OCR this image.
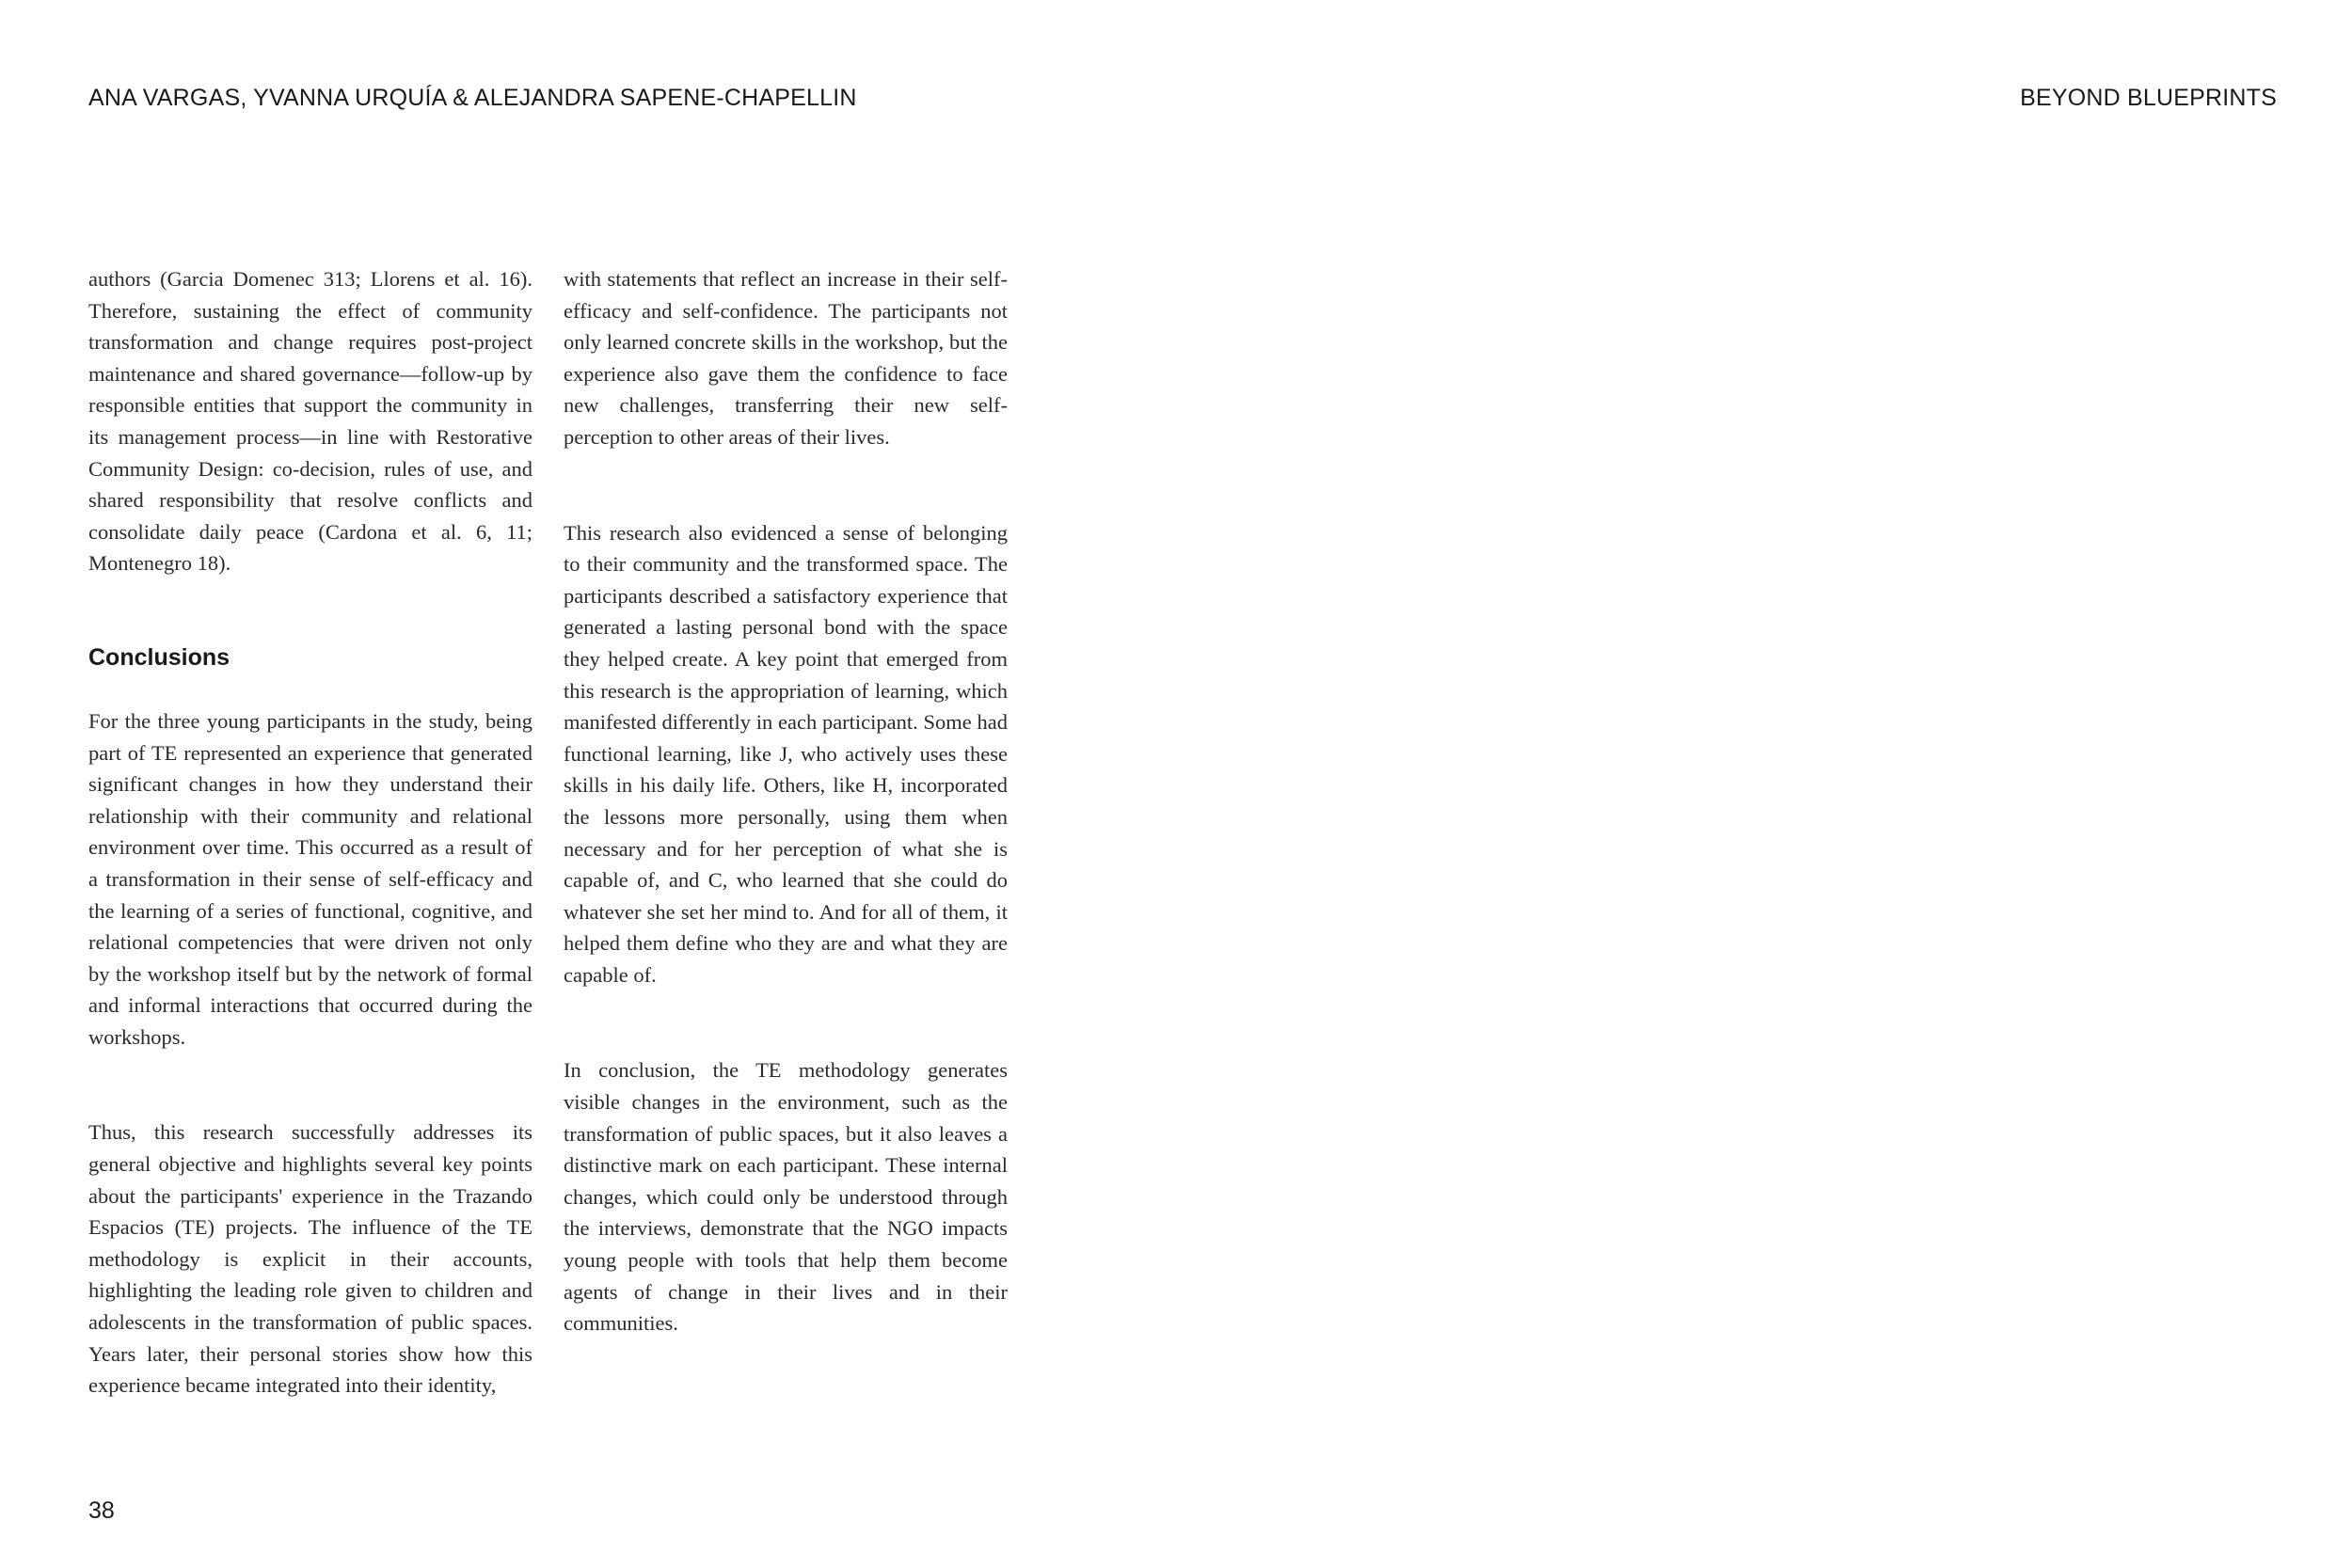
ANA VARGAS, YVANNA URQUÍA & ALEJANDRA SAPENE-CHAPELLIN	BEYOND BLUEPRINTS

authors (Garcia Domenec 313; Llorens et al. 16). Therefore, sustaining the effect of community transformation and change requires post-project maintenance and shared governance—follow-up by responsible entities that support the community in its management process—in line with Restorative Community Design: co-decision, rules of use, and shared responsibility that resolve conflicts and consolidate daily peace (Cardona et al. 6, 11; Montenegro 18).

Conclusions

For the three young participants in the study, being part of TE represented an experience that generated significant changes in how they understand their relationship with their community and relational environment over time. This occurred as a result of a transformation in their sense of self-efficacy and the learning of a series of functional, cognitive, and relational competencies that were driven not only by the workshop itself but by the network of formal and informal interactions that occurred during the workshops.

Thus, this research successfully addresses its general objective and highlights several key points about the participants' experience in the Trazando Espacios (TE) projects. The influence of the TE methodology is explicit in their accounts, highlighting the leading role given to children and adolescents in the transformation of public spaces. Years later, their personal stories show how this experience became integrated into their identity,

with statements that reflect an increase in their self-efficacy and self-confidence. The participants not only learned concrete skills in the workshop, but the experience also gave them the confidence to face new challenges, transferring their new self-perception to other areas of their lives.

This research also evidenced a sense of belonging to their community and the transformed space. The participants described a satisfactory experience that generated a lasting personal bond with the space they helped create. A key point that emerged from this research is the appropriation of learning, which manifested differently in each participant. Some had functional learning, like J, who actively uses these skills in his daily life. Others, like H, incorporated the lessons more personally, using them when necessary and for her perception of what she is capable of, and C, who learned that she could do whatever she set her mind to. And for all of them, it helped them define who they are and what they are capable of.

In conclusion, the TE methodology generates visible changes in the environment, such as the transformation of public spaces, but it also leaves a distinctive mark on each participant. These internal changes, which could only be understood through the interviews, demonstrate that the NGO impacts young people with tools that help them become agents of change in their lives and in their communities.

38
